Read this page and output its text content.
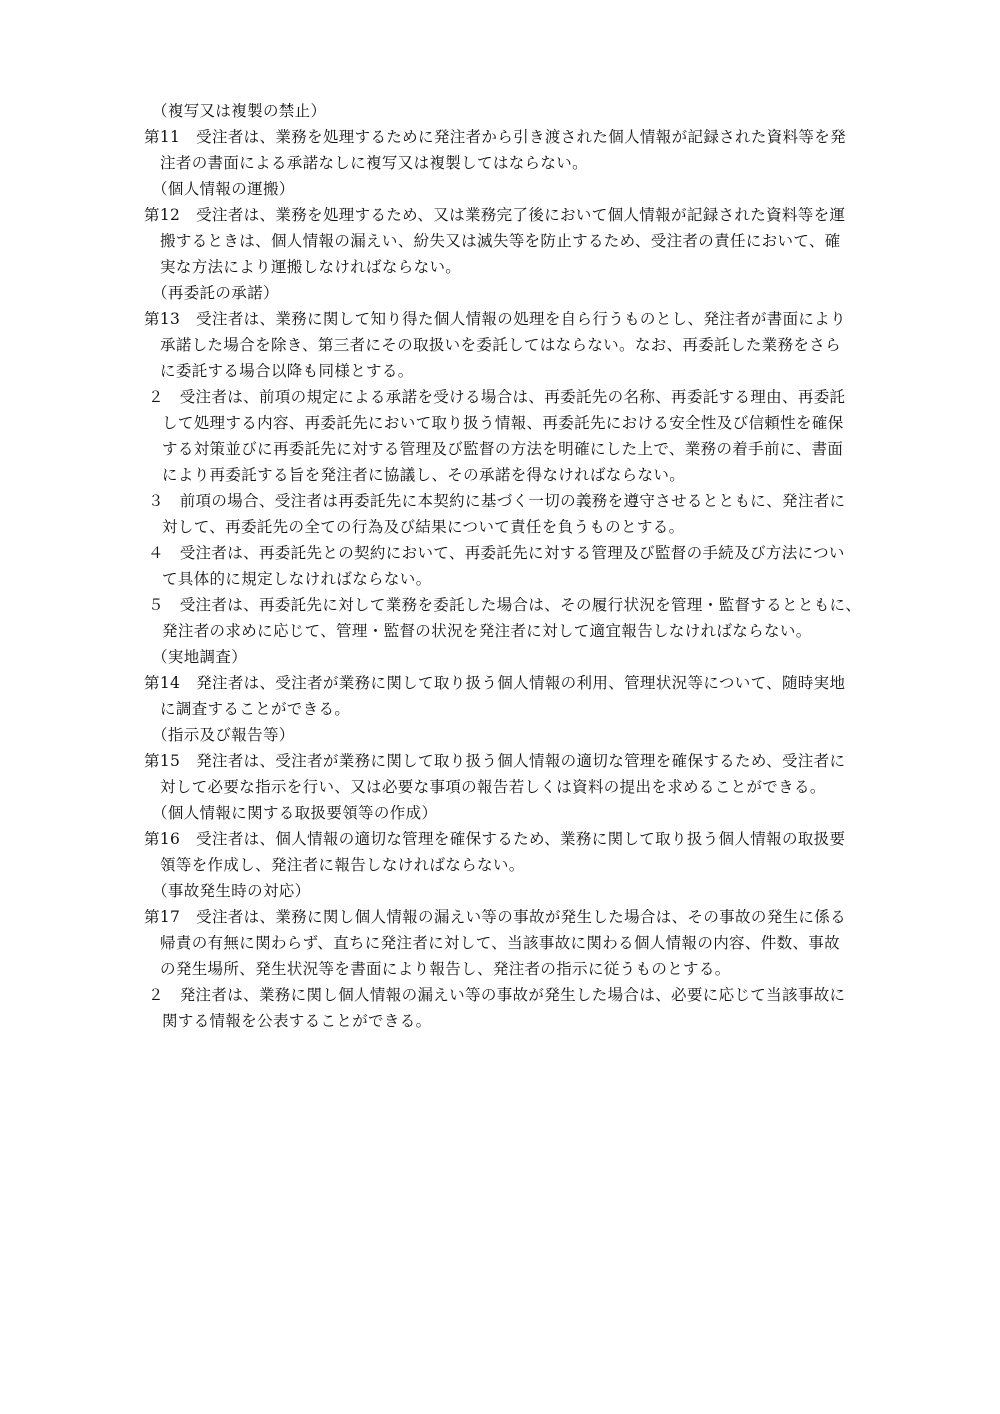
（複写又は複製の禁止）
第11　受注者は、業務を処理するために発注者から引き渡された個人情報が記録された資料等を発
注者の書面による承諾なしに複写又は複製してはならない。
（個人情報の運搬）
第12　受注者は、業務を処理するため、又は業務完了後において個人情報が記録された資料等を運
搬するときは、個人情報の漏えい、紛失又は滅失等を防止するため、受注者の責任において、確
実な方法により運搬しなければならない。
（再委託の承諾）
第13　受注者は、業務に関して知り得た個人情報の処理を自ら行うものとし、発注者が書面により
承諾した場合を除き、第三者にその取扱いを委託してはならない。なお、再委託した業務をさら
に委託する場合以降も同様とする。
２　受注者は、前項の規定による承諾を受ける場合は、再委託先の名称、再委託する理由、再委託
して処理する内容、再委託先において取り扱う情報、再委託先における安全性及び信頼性を確保
する対策並びに再委託先に対する管理及び監督の方法を明確にした上で、業務の着手前に、書面
により再委託する旨を発注者に協議し、その承諾を得なければならない。
３　前項の場合、受注者は再委託先に本契約に基づく一切の義務を遵守させるとともに、発注者に
対して、再委託先の全ての行為及び結果について責任を負うものとする。
４　受注者は、再委託先との契約において、再委託先に対する管理及び監督の手続及び方法につい
て具体的に規定しなければならない。
５　受注者は、再委託先に対して業務を委託した場合は、その履行状況を管理・監督するとともに、
発注者の求めに応じて、管理・監督の状況を発注者に対して適宜報告しなければならない。
（実地調査）
第14　発注者は、受注者が業務に関して取り扱う個人情報の利用、管理状況等について、随時実地
に調査することができる。
（指示及び報告等）
第15　発注者は、受注者が業務に関して取り扱う個人情報の適切な管理を確保するため、受注者に
対して必要な指示を行い、又は必要な事項の報告若しくは資料の提出を求めることができる。
（個人情報に関する取扱要領等の作成）
第16　受注者は、個人情報の適切な管理を確保するため、業務に関して取り扱う個人情報の取扱要
領等を作成し、発注者に報告しなければならない。
（事故発生時の対応）
第17　受注者は、業務に関し個人情報の漏えい等の事故が発生した場合は、その事故の発生に係る
帰責の有無に関わらず、直ちに発注者に対して、当該事故に関わる個人情報の内容、件数、事故
の発生場所、発生状況等を書面により報告し、発注者の指示に従うものとする。
２　発注者は、業務に関し個人情報の漏えい等の事故が発生した場合は、必要に応じて当該事故に
関する情報を公表することができる。
